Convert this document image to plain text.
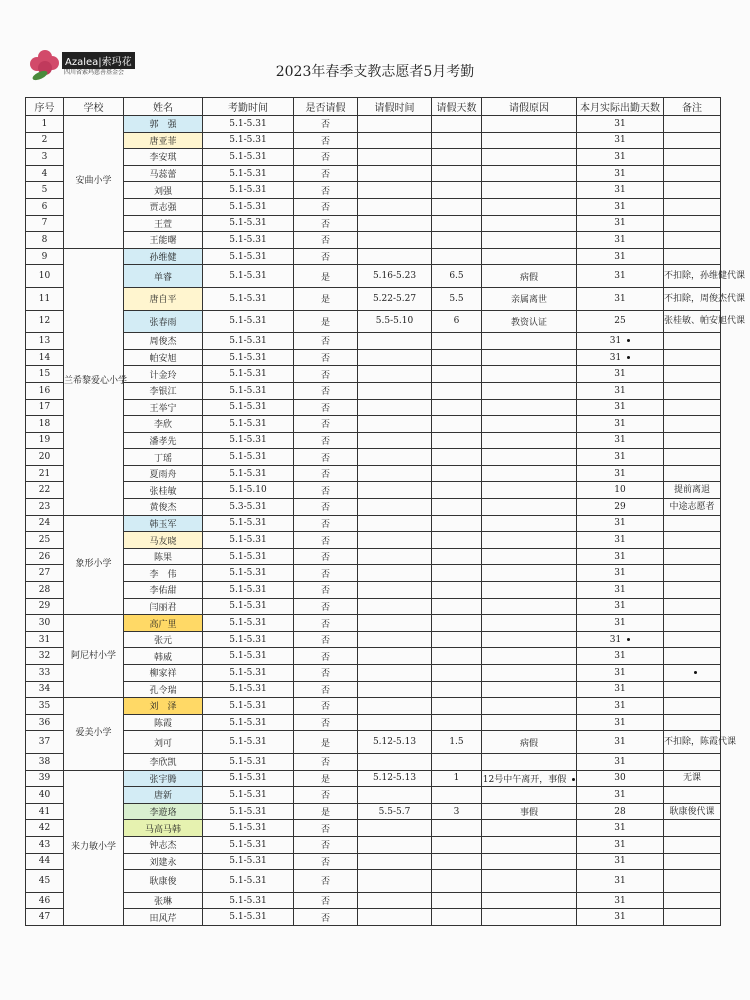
Azalea|索玛花
四川省索玛慈善基金会	2023年春季支教志愿者5月考勤
序号	学校	姓名	考勤时间	是否请假	请假时间	请假天数	请假原因	本月实际出勤天数	备注
1	安曲小学	郭　强	5.1-5.31	否				31	
2		唐亚菲	5.1-5.31	否				31	
3		李安琪	5.1-5.31	否				31	
4		马蕊蕾	5.1-5.31	否				31	
5		刘强	5.1-5.31	否				31	
6		贾志强	5.1-5.31	否				31	
7		王萱	5.1-5.31	否				31	
8		王能曙	5.1-5.31	否				31	
9	兰希黎爱心小学	孙维健	5.1-5.31	否				31	
10		单睿	5.1-5.31	是	5.16-5.23	6.5	病假	31	不扣除，孙维健代课
11		唐自平	5.1-5.31	是	5.22-5.27	5.5	亲属离世	31	不扣除，周俊杰代课
12		张春雨	5.1-5.31	是	5.5-5.10	6	教资认证	25	张桂敏、帕安旭代课
13		周俊杰	5.1-5.31	否				31	
14		帕安旭	5.1-5.31	否				31	
15		计金玲	5.1-5.31	否				31	
16		李银江	5.1-5.31	否				31	
17		王举宁	5.1-5.31	否				31	
18		李欣	5.1-5.31	否				31	
19		潘孝先	5.1-5.31	否				31	
20		丁瑶	5.1-5.31	否				31	
21		夏雨舟	5.1-5.31	否				31	
22		张桂敏	5.1-5.10	否				10	提前离退
23		黄俊杰	5.3-5.31	否				29	中途志愿者
24	象形小学	韩玉军	5.1-5.31	否				31	
25		马友晓	5.1-5.31	否				31	
26		陈果	5.1-5.31	否				31	
27		李　伟	5.1-5.31	否				31	
28		李佑甜	5.1-5.31	否				31	
29		闫丽君	5.1-5.31	否				31	
30	阿尼村小学	高广里	5.1-5.31	否				31	
31		张元	5.1-5.31	否				31	
32		韩威	5.1-5.31	否				31	
33		柳家祥	5.1-5.31	否				31	
34		孔令瑞	5.1-5.31	否				31	
35	爱美小学	刘　泽	5.1-5.31	否				31	
36		陈霞	5.1-5.31	否				31	
37		刘可	5.1-5.31	是	5.12-5.13	1.5	病假	31	不扣除，陈霞代课
38		李欣凯	5.1-5.31	否				31	
39	来力敏小学	张宇腾	5.1-5.31	是	5.12-5.13	1	12号中午离开，事假	30	无课
40		唐新	5.1-5.31	否				31	
41		李遊珞	5.1-5.31	是	5.5-5.7	3	事假	28	耿康俊代课
42		马高马韩	5.1-5.31	否				31	
43		钟志杰	5.1-5.31	否				31	
44		刘建永	5.1-5.31	否				31	
45		耿康俊	5.1-5.31	否				31	
46		张琳	5.1-5.31	否				31	
47		田风芹	5.1-5.31	否				31	
